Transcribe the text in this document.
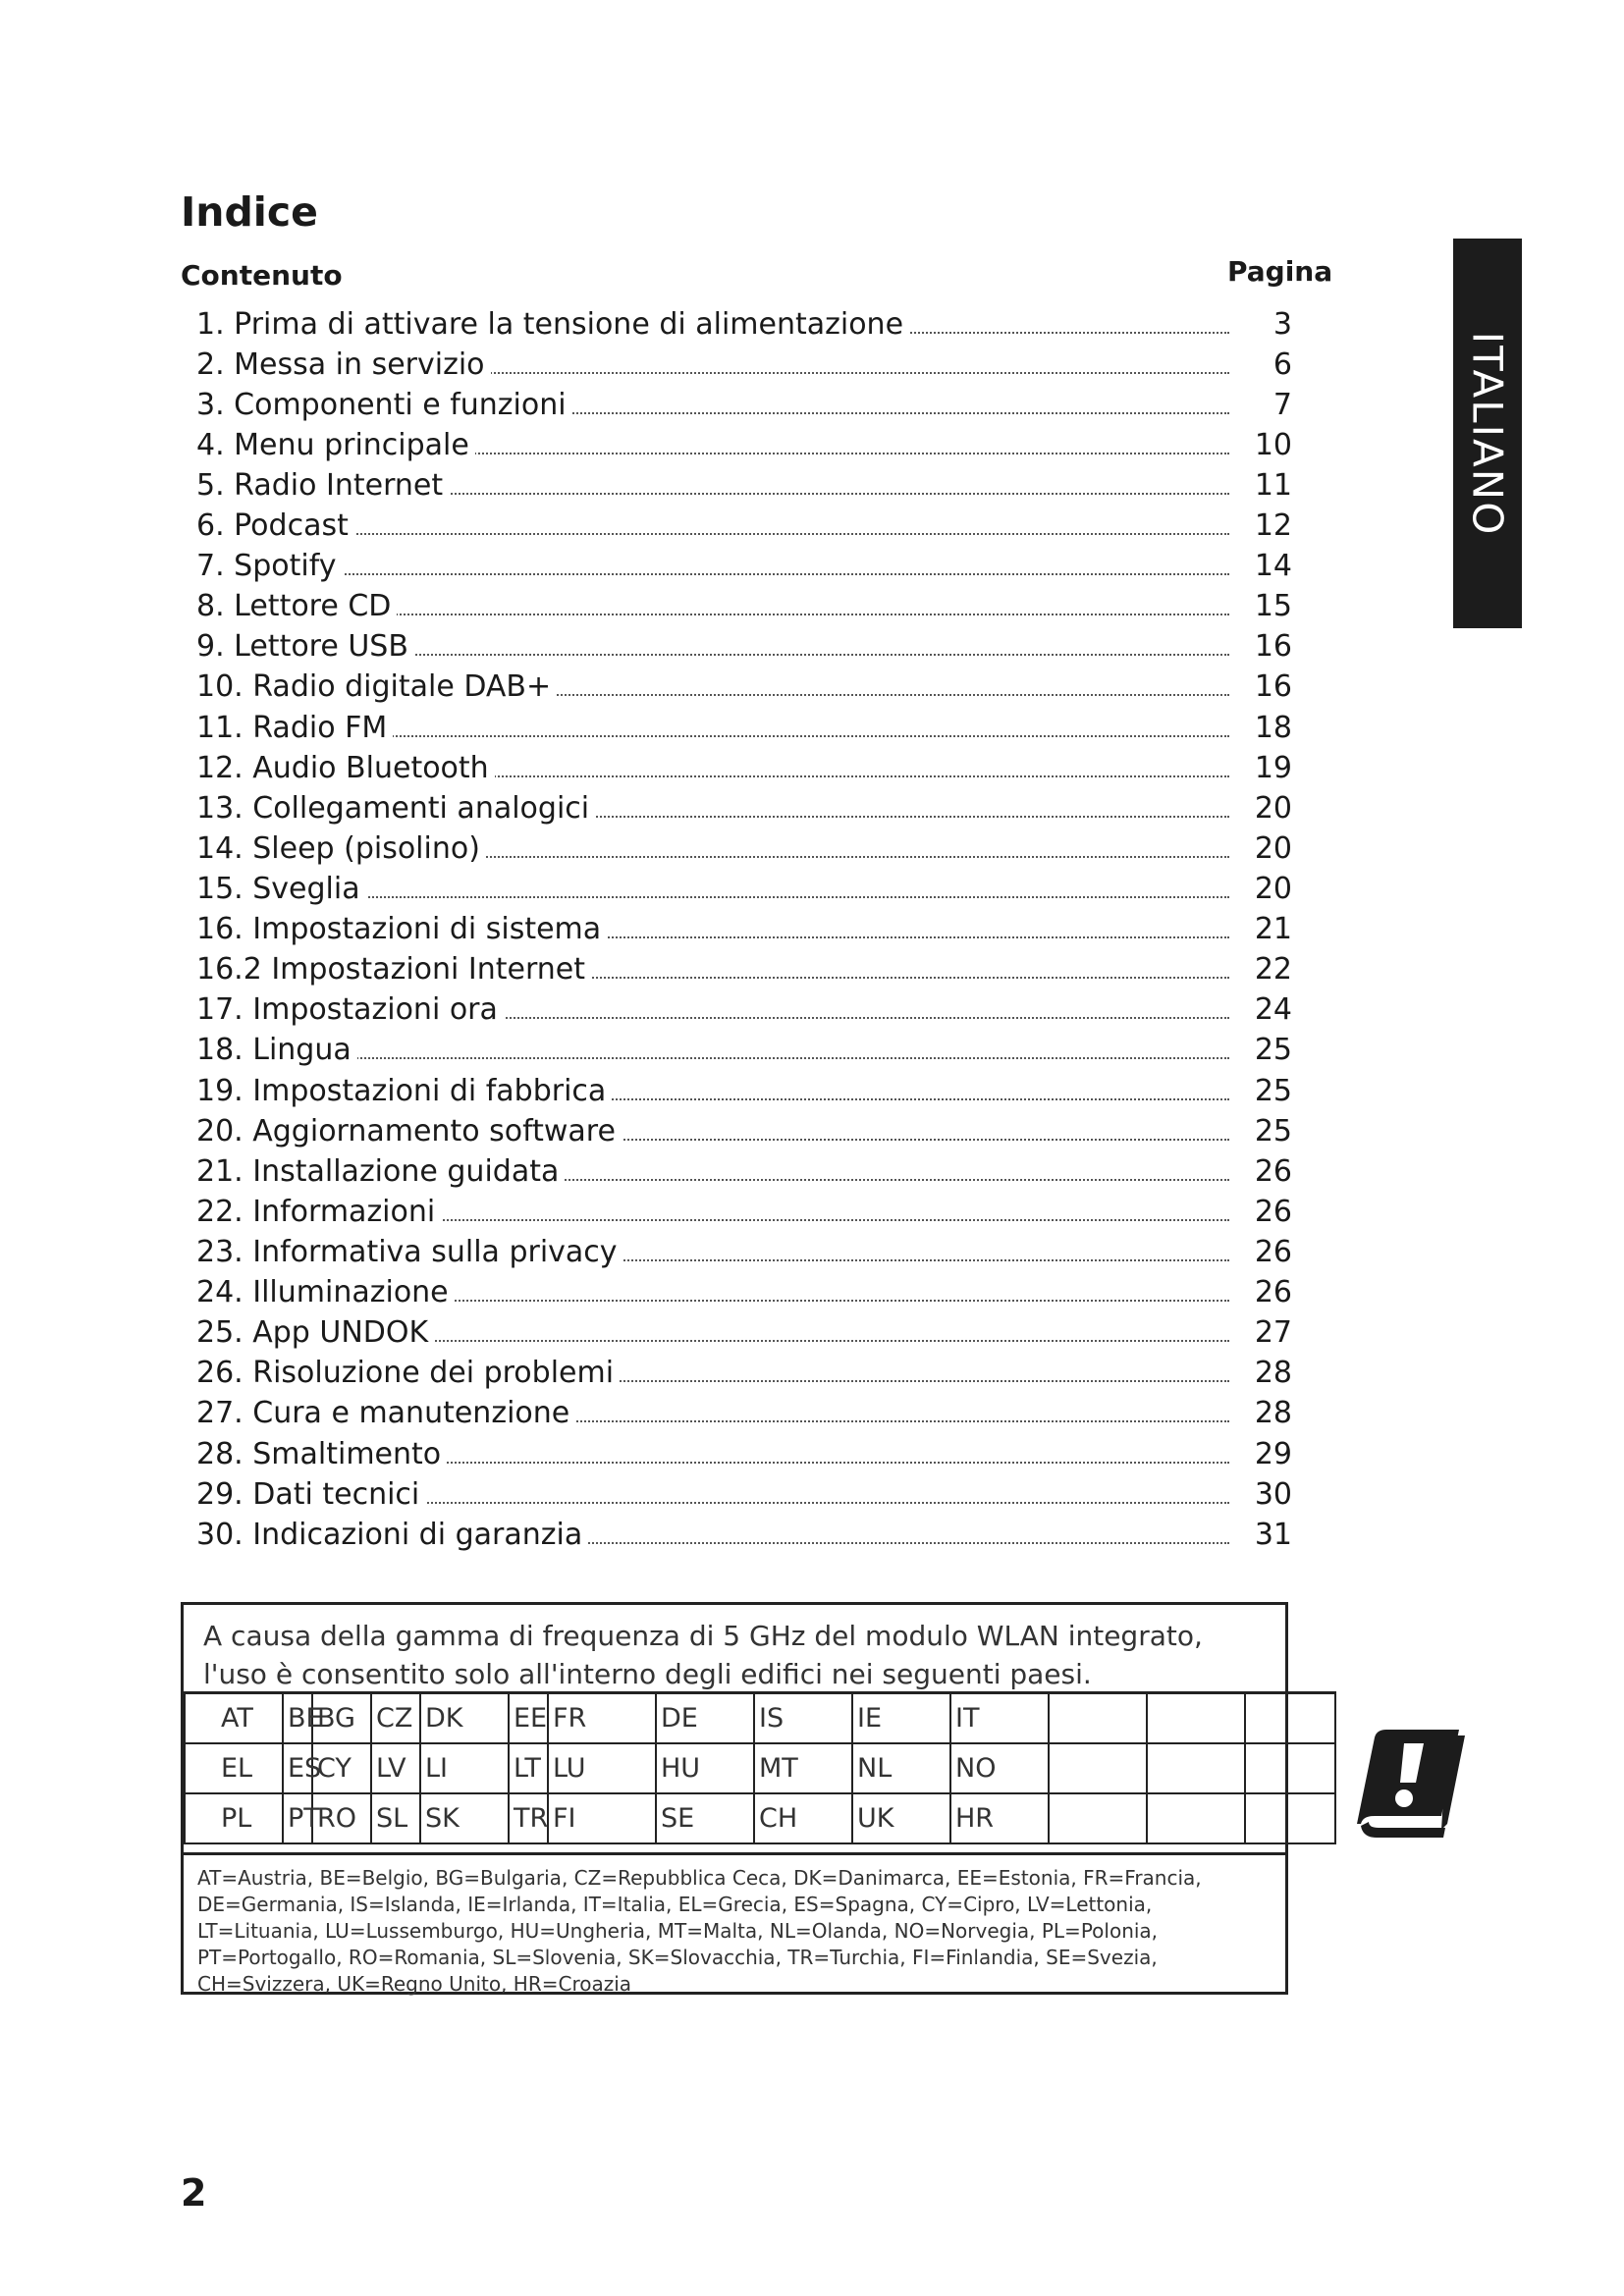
Indice
Contenuto	Pagina
ITALIANO
1. Prima di attivare la tensione di alimentazione	3
2. Messa in servizio	6
3. Componenti e funzioni	7
4. Menu principale	10
5. Radio Internet	11
6. Podcast	12
7. Spotify	14
8. Lettore CD	15
9. Lettore USB	16
10. Radio digitale DAB+	16
11. Radio FM	18
12. Audio Bluetooth	19
13. Collegamenti analogici	20
14. Sleep (pisolino)	20
15. Sveglia	20
16. Impostazioni di sistema	21
16.2 Impostazioni Internet	22
17. Impostazioni ora	24
18. Lingua	25
19. Impostazioni di fabbrica	25
20. Aggiornamento software	25
21. Installazione guidata	26
22. Informazioni	26
23. Informativa sulla privacy	26
24. Illuminazione	26
25. App UNDOK	27
26. Risoluzione dei problemi	28
27. Cura e manutenzione	28
28. Smaltimento	29
29. Dati tecnici	30
30. Indicazioni di garanzia	31
A causa della gamma di frequenza di 5 GHz del modulo WLAN integrato, l'uso è consentito solo all'interno degli edifici nei seguenti paesi.
AT	BE	BG	CZ	DK	EE	FR	DE	IS	IE	IT			
EL	ES	CY	LV	LI	LT	LU	HU	MT	NL	NO			
PL	PT	RO	SL	SK	TR	FI	SE	CH	UK	HR			
AT=Austria, BE=Belgio, BG=Bulgaria, CZ=Repubblica Ceca, DK=Danimarca, EE=Estonia, FR=Francia, DE=Germania, IS=Islanda, IE=Irlanda, IT=Italia, EL=Grecia, ES=Spagna, CY=Cipro, LV=Lettonia, LT=Lituania, LU=Lussemburgo, HU=Ungheria, MT=Malta, NL=Olanda, NO=Norvegia, PL=Polonia, PT=Portogallo, RO=Romania, SL=Slovenia, SK=Slovacchia, TR=Turchia, FI=Finlandia, SE=Svezia, CH=Svizzera, UK=Regno Unito, HR=Croazia
2
